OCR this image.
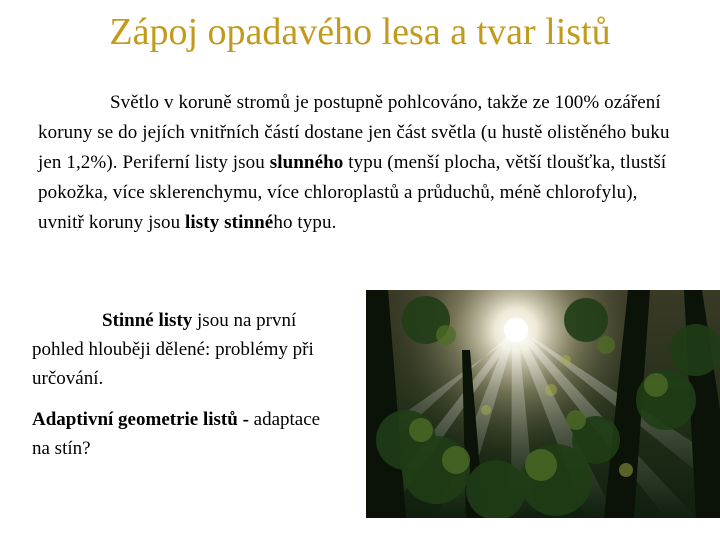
Zápoj opadavého lesa a tvar listů
Světlo v koruně stromů je postupně pohlcováno, takže ze 100% ozáření koruny se do jejích vnitřních částí dostane jen část světla (u hustě olistěného buku jen 1,2%). Periferní listy jsou slunného typu (menší plocha, větší tloušťka, tlustší pokožka, více sklerenchymu, více chloroplastů a průduchů, méně chlorofylu), uvnitř koruny jsou listy stinného typu.
Stinné listy jsou na první pohled hlouběji dělené: problémy při určování.
Adaptivní geometrie listů - adaptace na stín?
